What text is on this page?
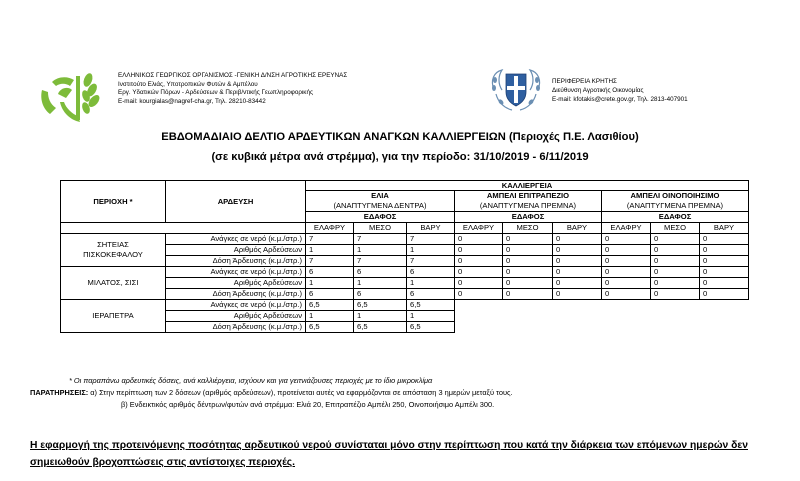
ΕΛΛΗΝΙΚΟΣ ΓΕΩΡΓΙΚΟΣ ΟΡΓΑΝΙΣΜΟΣ -ΓΕΝΙΚΗ Δ/ΝΣΗ ΑΓΡΟΤΙΚΗΣ ΕΡΕΥΝΑΣ
Ινστιτούτο Ελιάς, Υποτροπικών Φυτών & Αμπέλου
Εργ. Υδατικών Πόρων - Αρδεύσεων & Περιβ/ντικής Γεωπληροφορικής
E-mail: kourgialas@nagref-cha.gr, Τηλ. 28210-83442
ΠΕΡΙΦΕΡΕΙΑ ΚΡΗΤΗΣ
Διεύθυνση Αγροτικής Οικονομίας
E-mail: kfotakis@crete.gov.gr, Τηλ. 2813-407901
ΕΒΔΟΜΑΔΙΑΙΟ ΔΕΛΤΙΟ ΑΡΔΕΥΤΙΚΩΝ ΑΝΑΓΚΩΝ ΚΑΛΛΙΕΡΓΕΙΩΝ (Περιοχές Π.Ε. Λασιθίου)
(σε κυβικά μέτρα ανά στρέμμα), για την περίοδο: 31/10/2019 - 6/11/2019
ΠΕΡΙΟΧΗ *	ΑΡΔΕΥΣΗ	ΚΑΛΛΙΕΡΓΕΙΑ								
		ΕΛΙΑ			ΑΜΠΕΛΙ ΕΠΙΤΡΑΠΕΖΙΟ			ΑΜΠΕΛΙ ΟΙΝΟΠΟΙΗΣΙΜΟ		
		(ΑΝΑΠΤΥΓΜΕΝΑ ΔΕΝΤΡΑ)			(ΑΝΑΠΤΥΓΜΕΝΑ ΠΡΕΜΝΑ)			(ΑΝΑΠΤΥΓΜΕΝΑ ΠΡΕΜΝΑ)		
		ΕΔΑΦΟΣ			ΕΔΑΦΟΣ			ΕΔΑΦΟΣ		
		ΕΛΑΦΡΥ	ΜΕΣΟ	ΒΑΡΥ	ΕΛΑΦΡΥ	ΜΕΣΟ	ΒΑΡΥ	ΕΛΑΦΡΥ	ΜΕΣΟ	ΒΑΡΥ

ΣΗΤΕΙΑΣ
ΠΙΣΚΟΚΕΦΑΛΟΥ	Ανάγκες σε νερό (κ.μ./στρ.)	7	7	7	0	0	0	0	0	0
	Αριθμός Αρδεύσεων	1	1	1	0	0	0	0	0	0
	Δόση Άρδευσης (κ.μ./στρ.)	7	7	7	0	0	0	0	0	0
ΜΙΛΑΤΟΣ, ΣΙΣΙ	Ανάγκες σε νερό (κ.μ./στρ.)	6	6	6	0	0	0	0	0	0
	Αριθμός Αρδεύσεων	1	1	1	0	0	0	0	0	0
	Δόση Άρδευσης (κ.μ./στρ.)	6	6	6	0	0	0	0	0	0
ΙΕΡΑΠΕΤΡΑ	Ανάγκες σε νερό (κ.μ./στρ.)	6,5	6,5	6,5						
	Αριθμός Αρδεύσεων	1	1	1						
	Δόση Άρδευσης (κ.μ./στρ.)	6,5	6,5	6,5						
* Οι παραπάνω αρδευτικές δόσεις, ανά καλλιέργεια, ισχύουν και για γειτνιάζουσες περιοχές με το ίδιο μικροκλίμα
ΠΑΡΑΤΗΡΗΣΕΙΣ: α) Στην περίπτωση των 2 δόσεων (αριθμός αρδεύσεων), προτείνεται αυτές να εφαρμόζονται σε απόσταση 3 ημερών μεταξύ τους.
β) Ενδεικτικός αριθμός δέντρων/φυτών ανά στρέμμα: Ελιά 20, Επιτραπέζιο Αμπέλι 250, Οινοποιήσιμο Αμπέλι 300.
Η εφαρμογή της προτεινόμενης ποσότητας αρδευτικού νερού συνίσταται μόνο στην περίπτωση που κατά την διάρκεια των επόμενων ημερών δεν σημειωθούν βροχοπτώσεις στις αντίστοιχες περιοχές.
